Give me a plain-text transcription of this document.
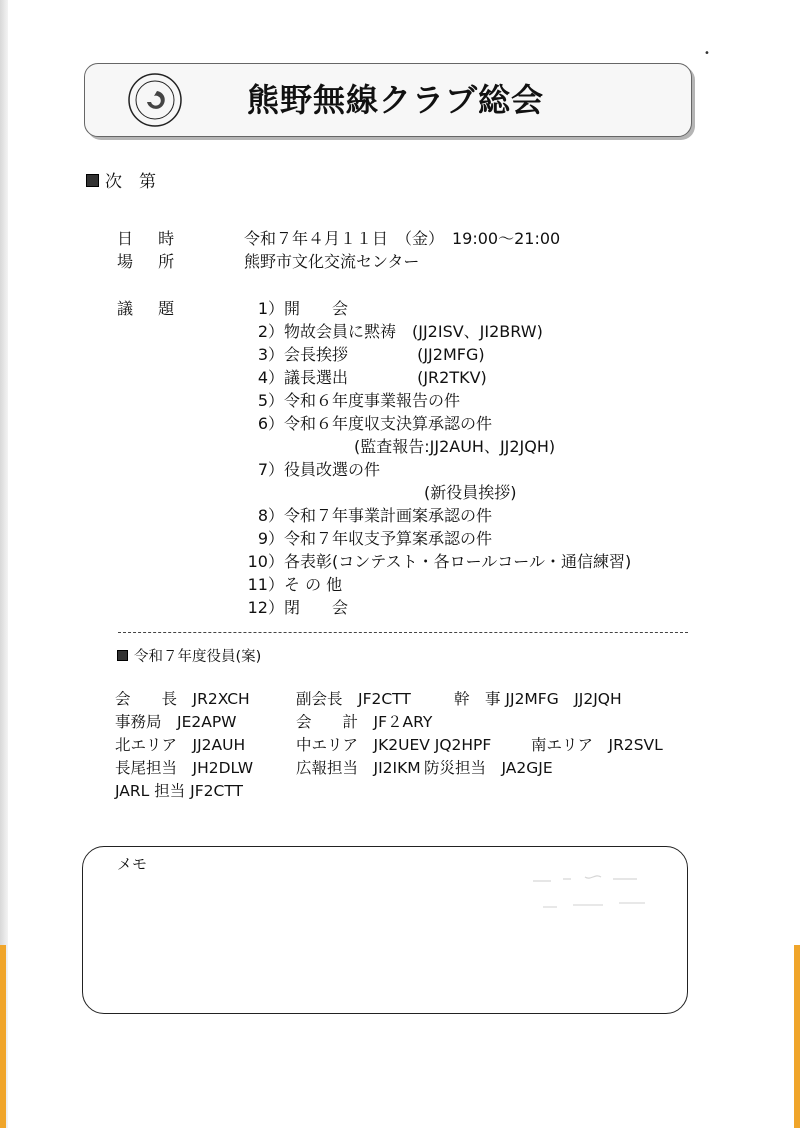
•
熊野無線クラブ総会
次　第
日 時	令和７年４月１１日　（金）　19:00〜21:00
場 所	熊野市文化交流センター
議 題	1）開　　会
2）物故会員に黙祷　(JJ2ISV、JI2BRW)
3）会長挨拶　　　　 (JJ2MFG)
4）議長選出　　　　 (JR2TKV)
5）令和６年度事業報告の件
6）令和６年度収支決算承認の件
(監査報告:JJ2AUH、JJ2JQH)
7）役員改選の件
(新役員挨拶)
8）令和７年事業計画案承認の件
9）令和７年収支予算案承認の件
10）各表彰(コンテスト・各ロールコール・通信練習)
11）そ の 他
12）閉　　会
令和７年度役員(案)
会　　長　JR2XCH	副会長　JF2CTT	幹　事 JJ2MFG　JJ2JQH
事務局　JE2APW	会　　計　JF２ARY
北エリア　JJ2AUH	中エリア　JK2UEV JQ2HPF	南エリア　JR2SVL
長尾担当　JH2DLW	広報担当　JI2IKM 防災担当　JA2GJE
JARL 担当 JF2CTT
メモ
